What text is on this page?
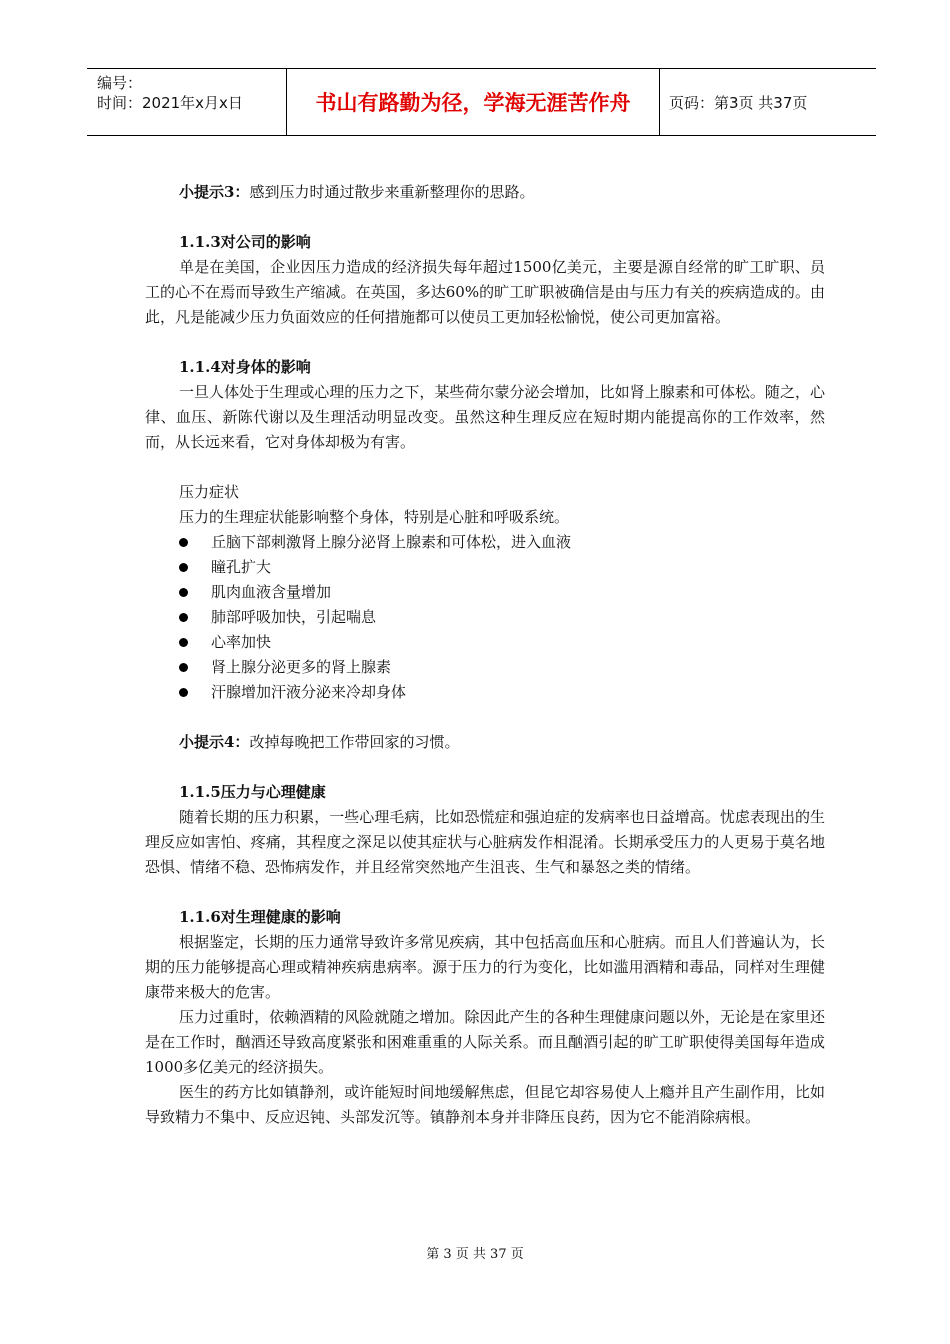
编号：
时间：2021年x月x日	书山有路勤为径，学海无涯苦作舟	页码：第3页 共37页

小提示3：感到压力时通过散步来重新整理你的思路。

1.1.3对公司的影响

单是在美国，企业因压力造成的经济损失每年超过1500亿美元，主要是源自经常的旷工旷职、员工的心不在焉而导致生产缩减。在英国，多达60%的旷工旷职被确信是由与压力有关的疾病造成的。由此，凡是能减少压力负面效应的任何措施都可以使员工更加轻松愉悦，使公司更加富裕。

1.1.4对身体的影响

一旦人体处于生理或心理的压力之下，某些荷尔蒙分泌会增加，比如肾上腺素和可体松。随之，心律、血压、新陈代谢以及生理活动明显改变。虽然这种生理反应在短时期内能提高你的工作效率，然而，从长远来看，它对身体却极为有害。

压力症状

压力的生理症状能影响整个身体，特别是心脏和呼吸系统。

丘脑下部刺激肾上腺分泌肾上腺素和可体松，进入血液
瞳孔扩大
肌肉血液含量增加
肺部呼吸加快，引起喘息
心率加快
肾上腺分泌更多的肾上腺素
汗腺增加汗液分泌来冷却身体

小提示4：改掉每晚把工作带回家的习惯。

1.1.5压力与心理健康

随着长期的压力积累，一些心理毛病，比如恐慌症和强迫症的发病率也日益增高。忧虑表现出的生理反应如害怕、疼痛，其程度之深足以使其症状与心脏病发作相混淆。长期承受压力的人更易于莫名地恐惧、情绪不稳、恐怖病发作，并且经常突然地产生沮丧、生气和暴怒之类的情绪。

1.1.6对生理健康的影响

根据鉴定，长期的压力通常导致许多常见疾病，其中包括高血压和心脏病。而且人们普遍认为，长期的压力能够提高心理或精神疾病患病率。源于压力的行为变化，比如滥用酒精和毒品，同样对生理健康带来极大的危害。

压力过重时，依赖酒精的风险就随之增加。除因此产生的各种生理健康问题以外，无论是在家里还是在工作时，酗酒还导致高度紧张和困难重重的人际关系。而且酗酒引起的旷工旷职使得美国每年造成1000多亿美元的经济损失。

医生的药方比如镇静剂，或许能短时间地缓解焦虑，但昆它却容易使人上瘾并且产生副作用，比如导致精力不集中、反应迟钝、头部发沉等。镇静剂本身并非降压良药，因为它不能消除病根。

第 3 页 共 37 页
